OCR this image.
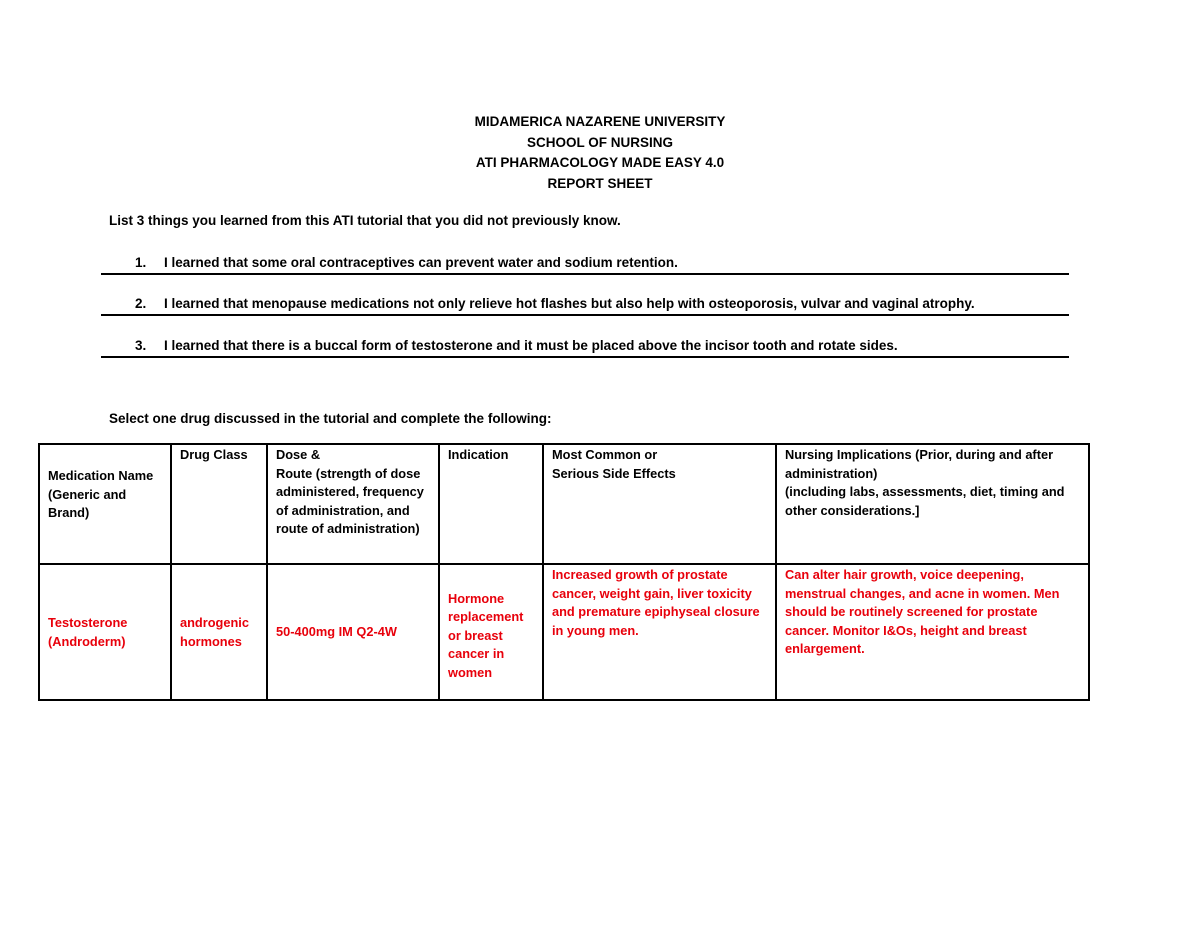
MIDAMERICA NAZARENE UNIVERSITY
SCHOOL OF NURSING
ATI PHARMACOLOGY MADE EASY 4.0
REPORT SHEET
List 3 things you learned from this ATI tutorial that you did not previously know.
1. I learned that some oral contraceptives can prevent water and sodium retention.
2. I learned that menopause medications not only relieve hot flashes but also help with osteoporosis, vulvar and vaginal atrophy.
3. I learned that there is a buccal form of testosterone and it must be placed above the incisor tooth and rotate sides.
Select one drug discussed in the tutorial and complete the following:
Medication Name
(Generic and
Brand)	Drug Class	Dose &
Route (strength of dose
administered, frequency
of administration, and
route of administration)	Indication	Most Common or
Serious Side Effects	Nursing Implications (Prior, during and after
administration)
(including labs, assessments, diet, timing and
other considerations.]

Testosterone
(Androderm)	androgenic
hormones	50-400mg IM Q2-4W	Hormone
replacement
or breast
cancer in
women	Increased growth of prostate
cancer, weight gain, liver toxicity
and premature epiphyseal closure
in young men.	Can alter hair growth, voice deepening,
menstrual changes, and acne in women. Men
should be routinely screened for prostate
cancer. Monitor I&Os, height and breast
enlargement.
